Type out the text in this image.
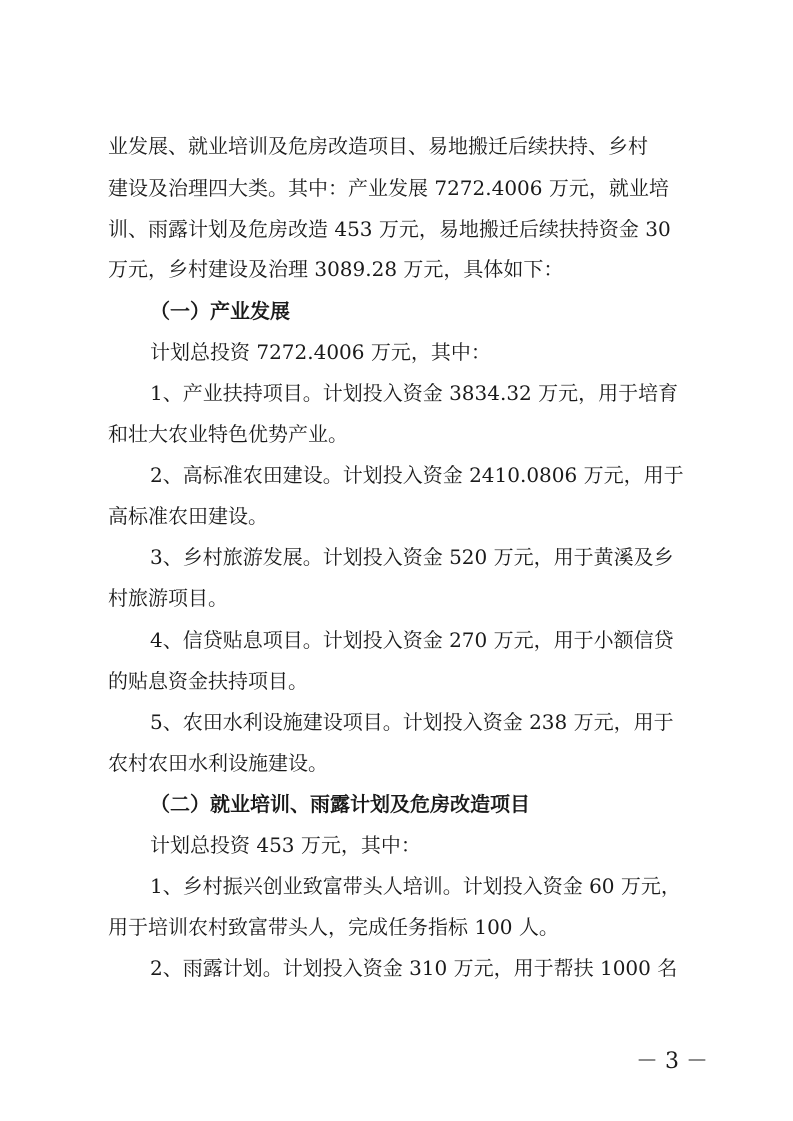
业发展、就业培训及危房改造项目、易地搬迁后续扶持、乡村
建设及治理四大类。其中：产业发展 7272.4006 万元，就业培
训、雨露计划及危房改造 453 万元，易地搬迁后续扶持资金 30
万元，乡村建设及治理 3089.28 万元，具体如下：
（一）产业发展
计划总投资 7272.4006 万元，其中：
1、产业扶持项目。计划投入资金 3834.32 万元，用于培育
和壮大农业特色优势产业。
2、高标准农田建设。计划投入资金 2410.0806 万元，用于
高标准农田建设。
3、乡村旅游发展。计划投入资金 520 万元，用于黄溪及乡
村旅游项目。
4、信贷贴息项目。计划投入资金 270 万元，用于小额信贷
的贴息资金扶持项目。
5、农田水利设施建设项目。计划投入资金 238 万元，用于
农村农田水利设施建设。
（二）就业培训、雨露计划及危房改造项目
计划总投资 453 万元，其中：
1、乡村振兴创业致富带头人培训。计划投入资金 60 万元，
用于培训农村致富带头人，完成任务指标 100 人。
2、雨露计划。计划投入资金 310 万元，用于帮扶 1000 名
－ 3 －
